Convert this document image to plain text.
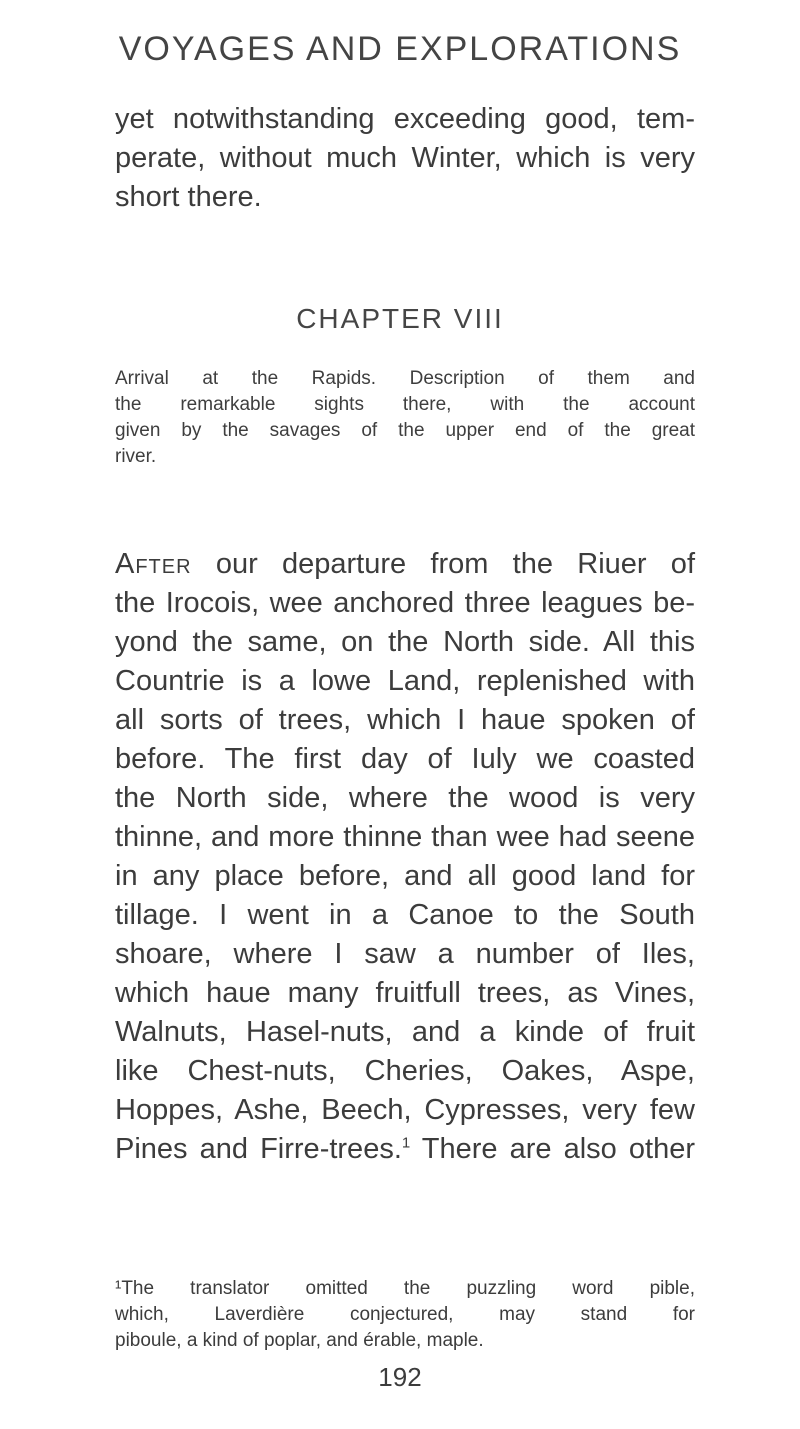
VOYAGES AND EXPLORATIONS
yet notwithstanding exceeding good, tem-
perate, without much Winter, which is very
short there.
CHAPTER VIII
Arrival at the Rapids. Description of them and
the remarkable sights there, with the account
given by the savages of the upper end of the great
river.
After our departure from the Riuer of
the Irocois, wee anchored three leagues be-
yond the same, on the North side. All this
Countrie is a lowe Land, replenished with
all sorts of trees, which I haue spoken of
before. The first day of Iuly we coasted
the North side, where the wood is very
thinne, and more thinne than wee had seene
in any place before, and all good land for
tillage. I went in a Canoe to the South
shoare, where I saw a number of Iles,
which haue many fruitfull trees, as Vines,
Walnuts, Hasel-nuts, and a kinde of fruit
like Chest-nuts, Cheries, Oakes, Aspe,
Hoppes, Ashe, Beech, Cypresses, very few
Pines and Firre-trees.$^1$ There are also other
¹The translator omitted the puzzling word pible,
which, Laverdière conjectured, may stand for
piboule, a kind of poplar, and érable, maple.
192
